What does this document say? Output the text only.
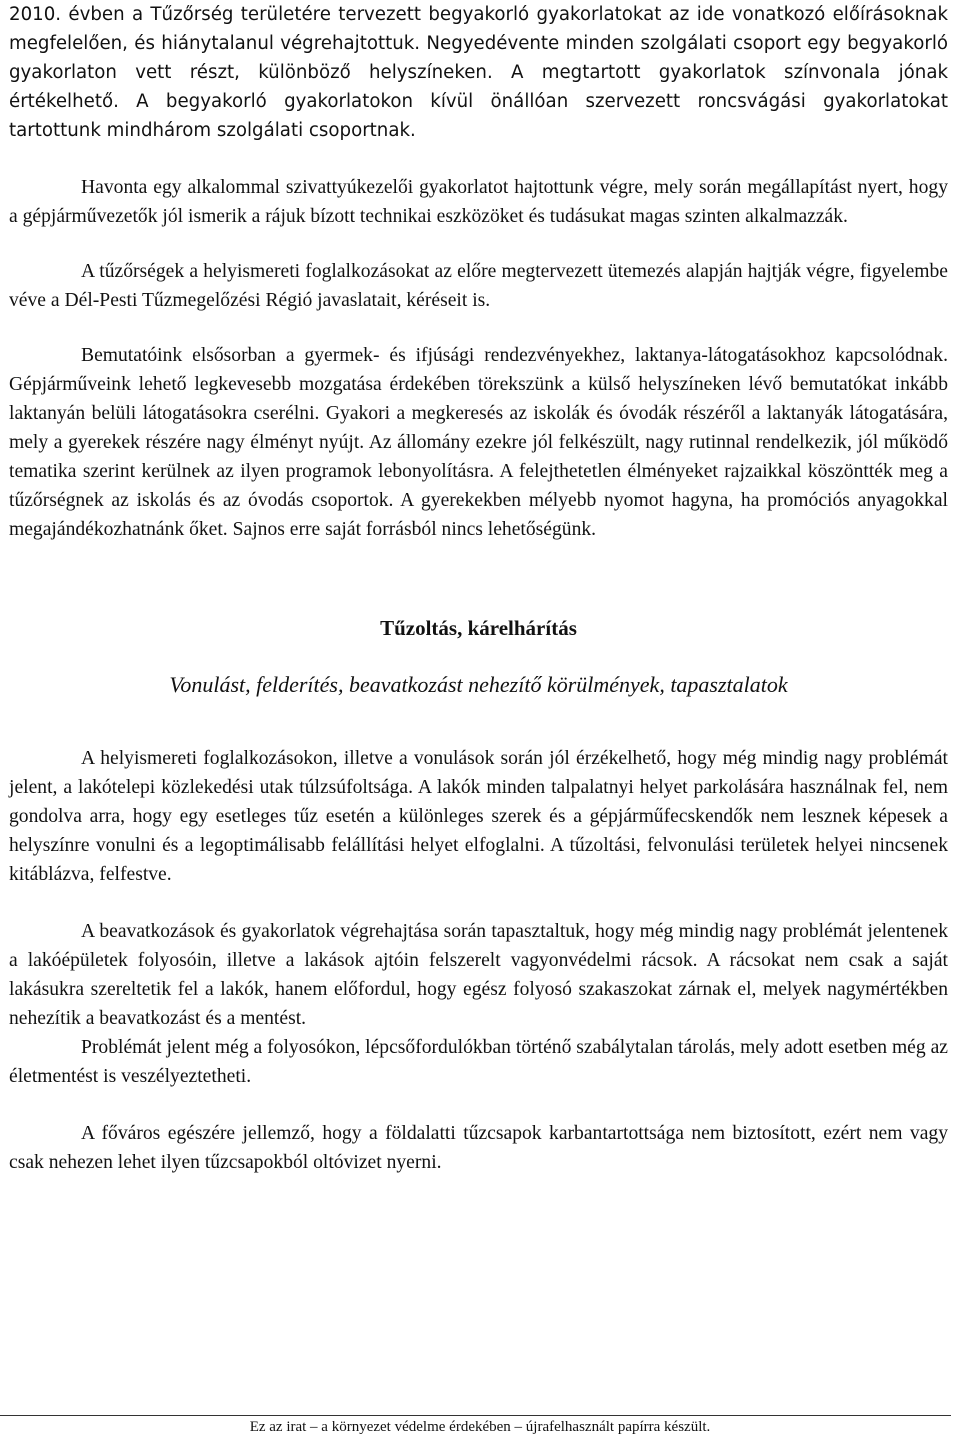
2010. évben a Tűzőrség területére tervezett begyakorló gyakorlatokat az ide vonatkozó előírásoknak megfelelően, és hiánytalanul végrehajtottuk. Negyedévente minden szolgálati csoport egy begyakorló gyakorlaton vett részt, különböző helyszíneken. A megtartott gyakorlatok színvonala jónak értékelhető. A begyakorló gyakorlatokon kívül önállóan szervezett roncsvágási gyakorlatokat tartottunk mindhárom szolgálati csoportnak.

Havonta egy alkalommal szivattyúkezelői gyakorlatot hajtottunk végre, mely során megállapítást nyert, hogy a gépjárművezetők jól ismerik a rájuk bízott technikai eszközöket és tudásukat magas szinten alkalmazzák.

A tűzőrségek a helyismereti foglalkozásokat az előre megtervezett ütemezés alapján hajtják végre, figyelembe véve a Dél-Pesti Tűzmegelőzési Régió javaslatait, kéréseit is.

Bemutatóink elsősorban a gyermek- és ifjúsági rendezvényekhez, laktanya-látogatásokhoz kapcsolódnak. Gépjárműveink lehető legkevesebb mozgatása érdekében törekszünk a külső helyszíneken lévő bemutatókat inkább laktanyán belüli látogatásokra cserélni. Gyakori a megkeresés az iskolák és óvodák részéről a laktanyák látogatására, mely a gyerekek részére nagy élményt nyújt. Az állomány ezekre jól felkészült, nagy rutinnal rendelkezik, jól működő tematika szerint kerülnek az ilyen programok lebonyolításra. A felejthetetlen élményeket rajzaikkal köszöntték meg a tűzőrségnek az iskolás és az óvodás csoportok. A gyerekekben mélyebb nyomot hagyna, ha promóciós anyagokkal megajándékozhatnánk őket. Sajnos erre saját forrásból nincs lehetőségünk.

Tűzoltás, kárelhárítás
Vonulást, felderítés, beavatkozást nehezítő körülmények, tapasztalatok

A helyismereti foglalkozásokon, illetve a vonulások során jól érzékelhető, hogy még mindig nagy problémát jelent, a lakótelepi közlekedési utak túlzsúfoltsága. A lakók minden talpalatnyi helyet parkolására használnak fel, nem gondolva arra, hogy egy esetleges tűz esetén a különleges szerek és a gépjárműfecskendők nem lesznek képesek a helyszínre vonulni és a legoptimálisabb felállítási helyet elfoglalni. A tűzoltási, felvonulási területek helyei nincsenek kitáblázva, felfestve.

A beavatkozások és gyakorlatok végrehajtása során tapasztaltuk, hogy még mindig nagy problémát jelentenek a lakóépületek folyosóin, illetve a lakások ajtóin felszerelt vagyonvédelmi rácsok. A rácsokat nem csak a saját lakásukra szereltetik fel a lakók, hanem előfordul, hogy egész folyosó szakaszokat zárnak el, melyek nagymértékben nehezítik a beavatkozást és a mentést.

Problémát jelent még a folyosókon, lépcsőfordulókban történő szabálytalan tárolás, mely adott esetben még az életmentést is veszélyeztetheti.

A főváros egészére jellemző, hogy a földalatti tűzcsapok karbantartottsága nem biztosított, ezért nem vagy csak nehezen lehet ilyen tűzcsapokból oltóvizet nyerni.

Ez az irat – a környezet védelme érdekében – újrafelhasznált papírra készült.
